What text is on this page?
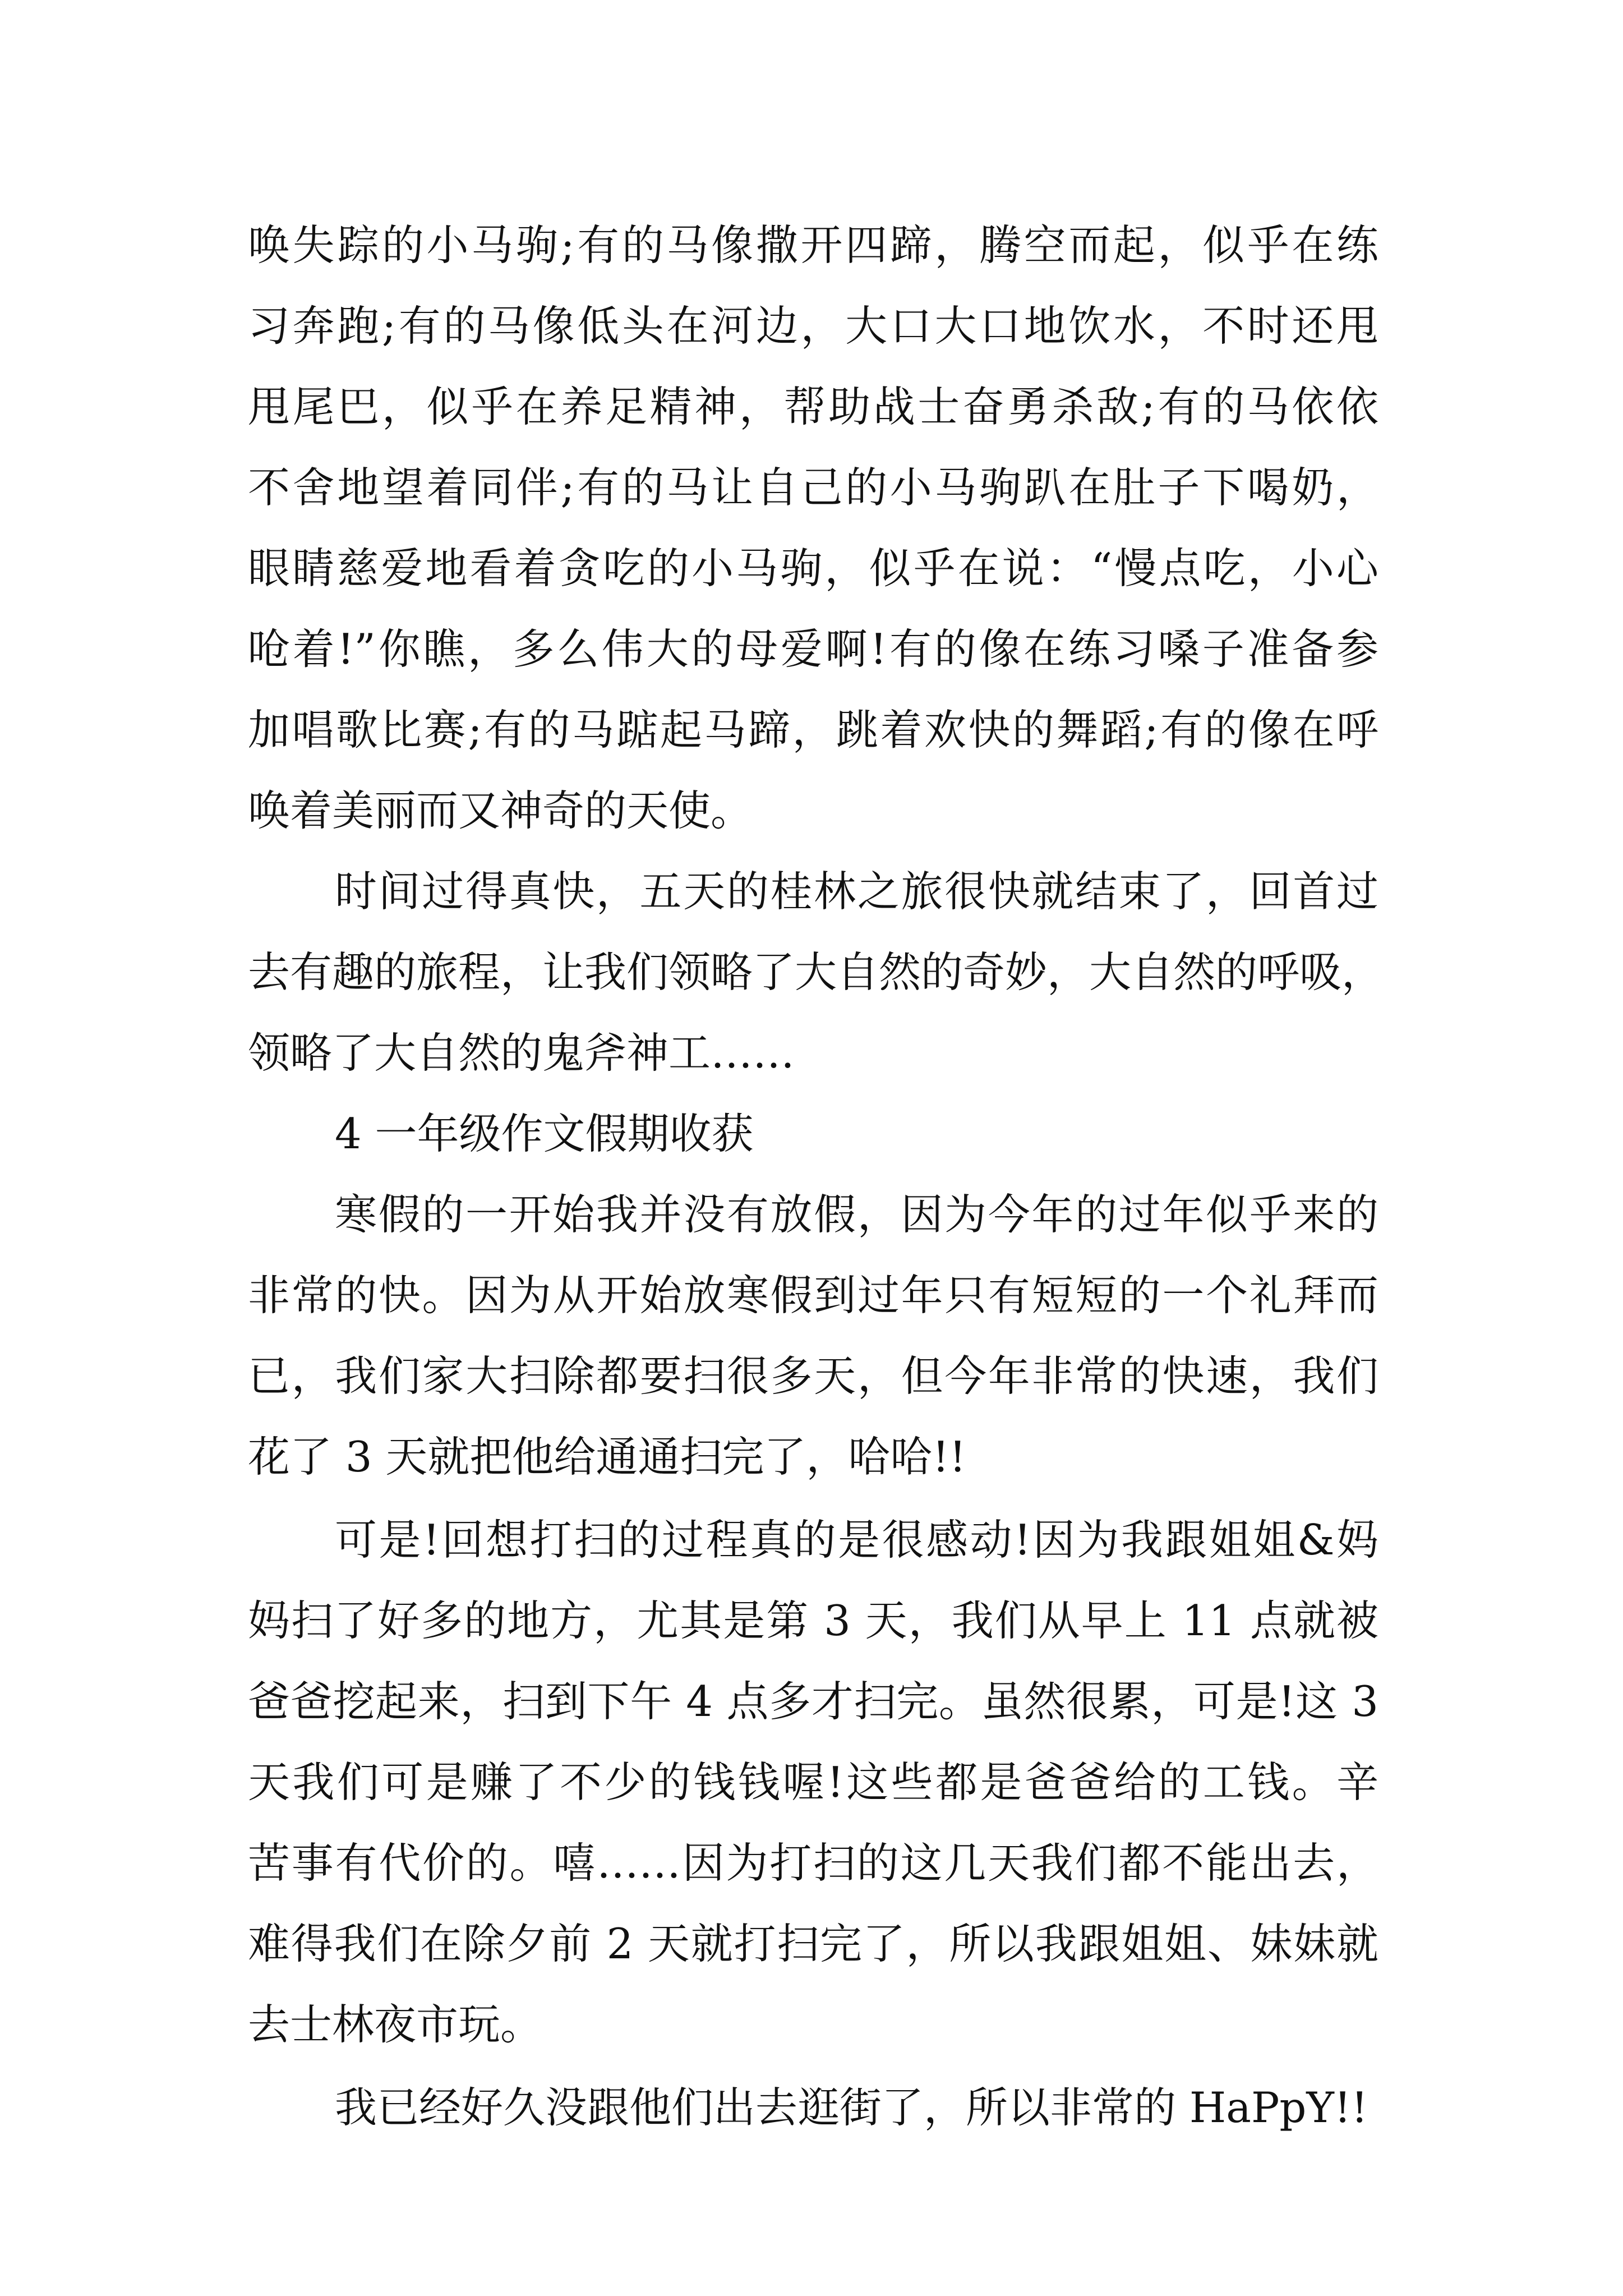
唤失踪的小马驹;有的马像撒开四蹄，腾空而起，似乎在练
习奔跑;有的马像低头在河边，大口大口地饮水，不时还甩
甩尾巴，似乎在养足精神，帮助战士奋勇杀敌;有的马依依
不舍地望着同伴;有的马让自己的小马驹趴在肚子下喝奶，
眼睛慈爱地看着贪吃的小马驹，似乎在说：“慢点吃，小心
呛着!”你瞧，多么伟大的母爱啊!有的像在练习嗓子准备参
加唱歌比赛;有的马踮起马蹄，跳着欢快的舞蹈;有的像在呼
唤着美丽而又神奇的天使。
时间过得真快，五天的桂林之旅很快就结束了，回首过
去有趣的旅程，让我们领略了大自然的奇妙，大自然的呼吸，
领略了大自然的鬼斧神工……
4 一年级作文假期收获
寒假的一开始我并没有放假，因为今年的过年似乎来的
非常的快。因为从开始放寒假到过年只有短短的一个礼拜而
已，我们家大扫除都要扫很多天，但今年非常的快速，我们
花了 3 天就把他给通通扫完了，哈哈!!
可是!回想打扫的过程真的是很感动!因为我跟姐姐&妈
妈扫了好多的地方，尤其是第 3 天，我们从早上 11 点就被
爸爸挖起来，扫到下午 4 点多才扫完。虽然很累，可是!这 3
天我们可是赚了不少的钱钱喔!这些都是爸爸给的工钱。辛
苦事有代价的。嘻……因为打扫的这几天我们都不能出去，
难得我们在除夕前 2 天就打扫完了，所以我跟姐姐、妹妹就
去士林夜市玩。
我已经好久没跟他们出去逛街了，所以非常的 HaPpY!!
